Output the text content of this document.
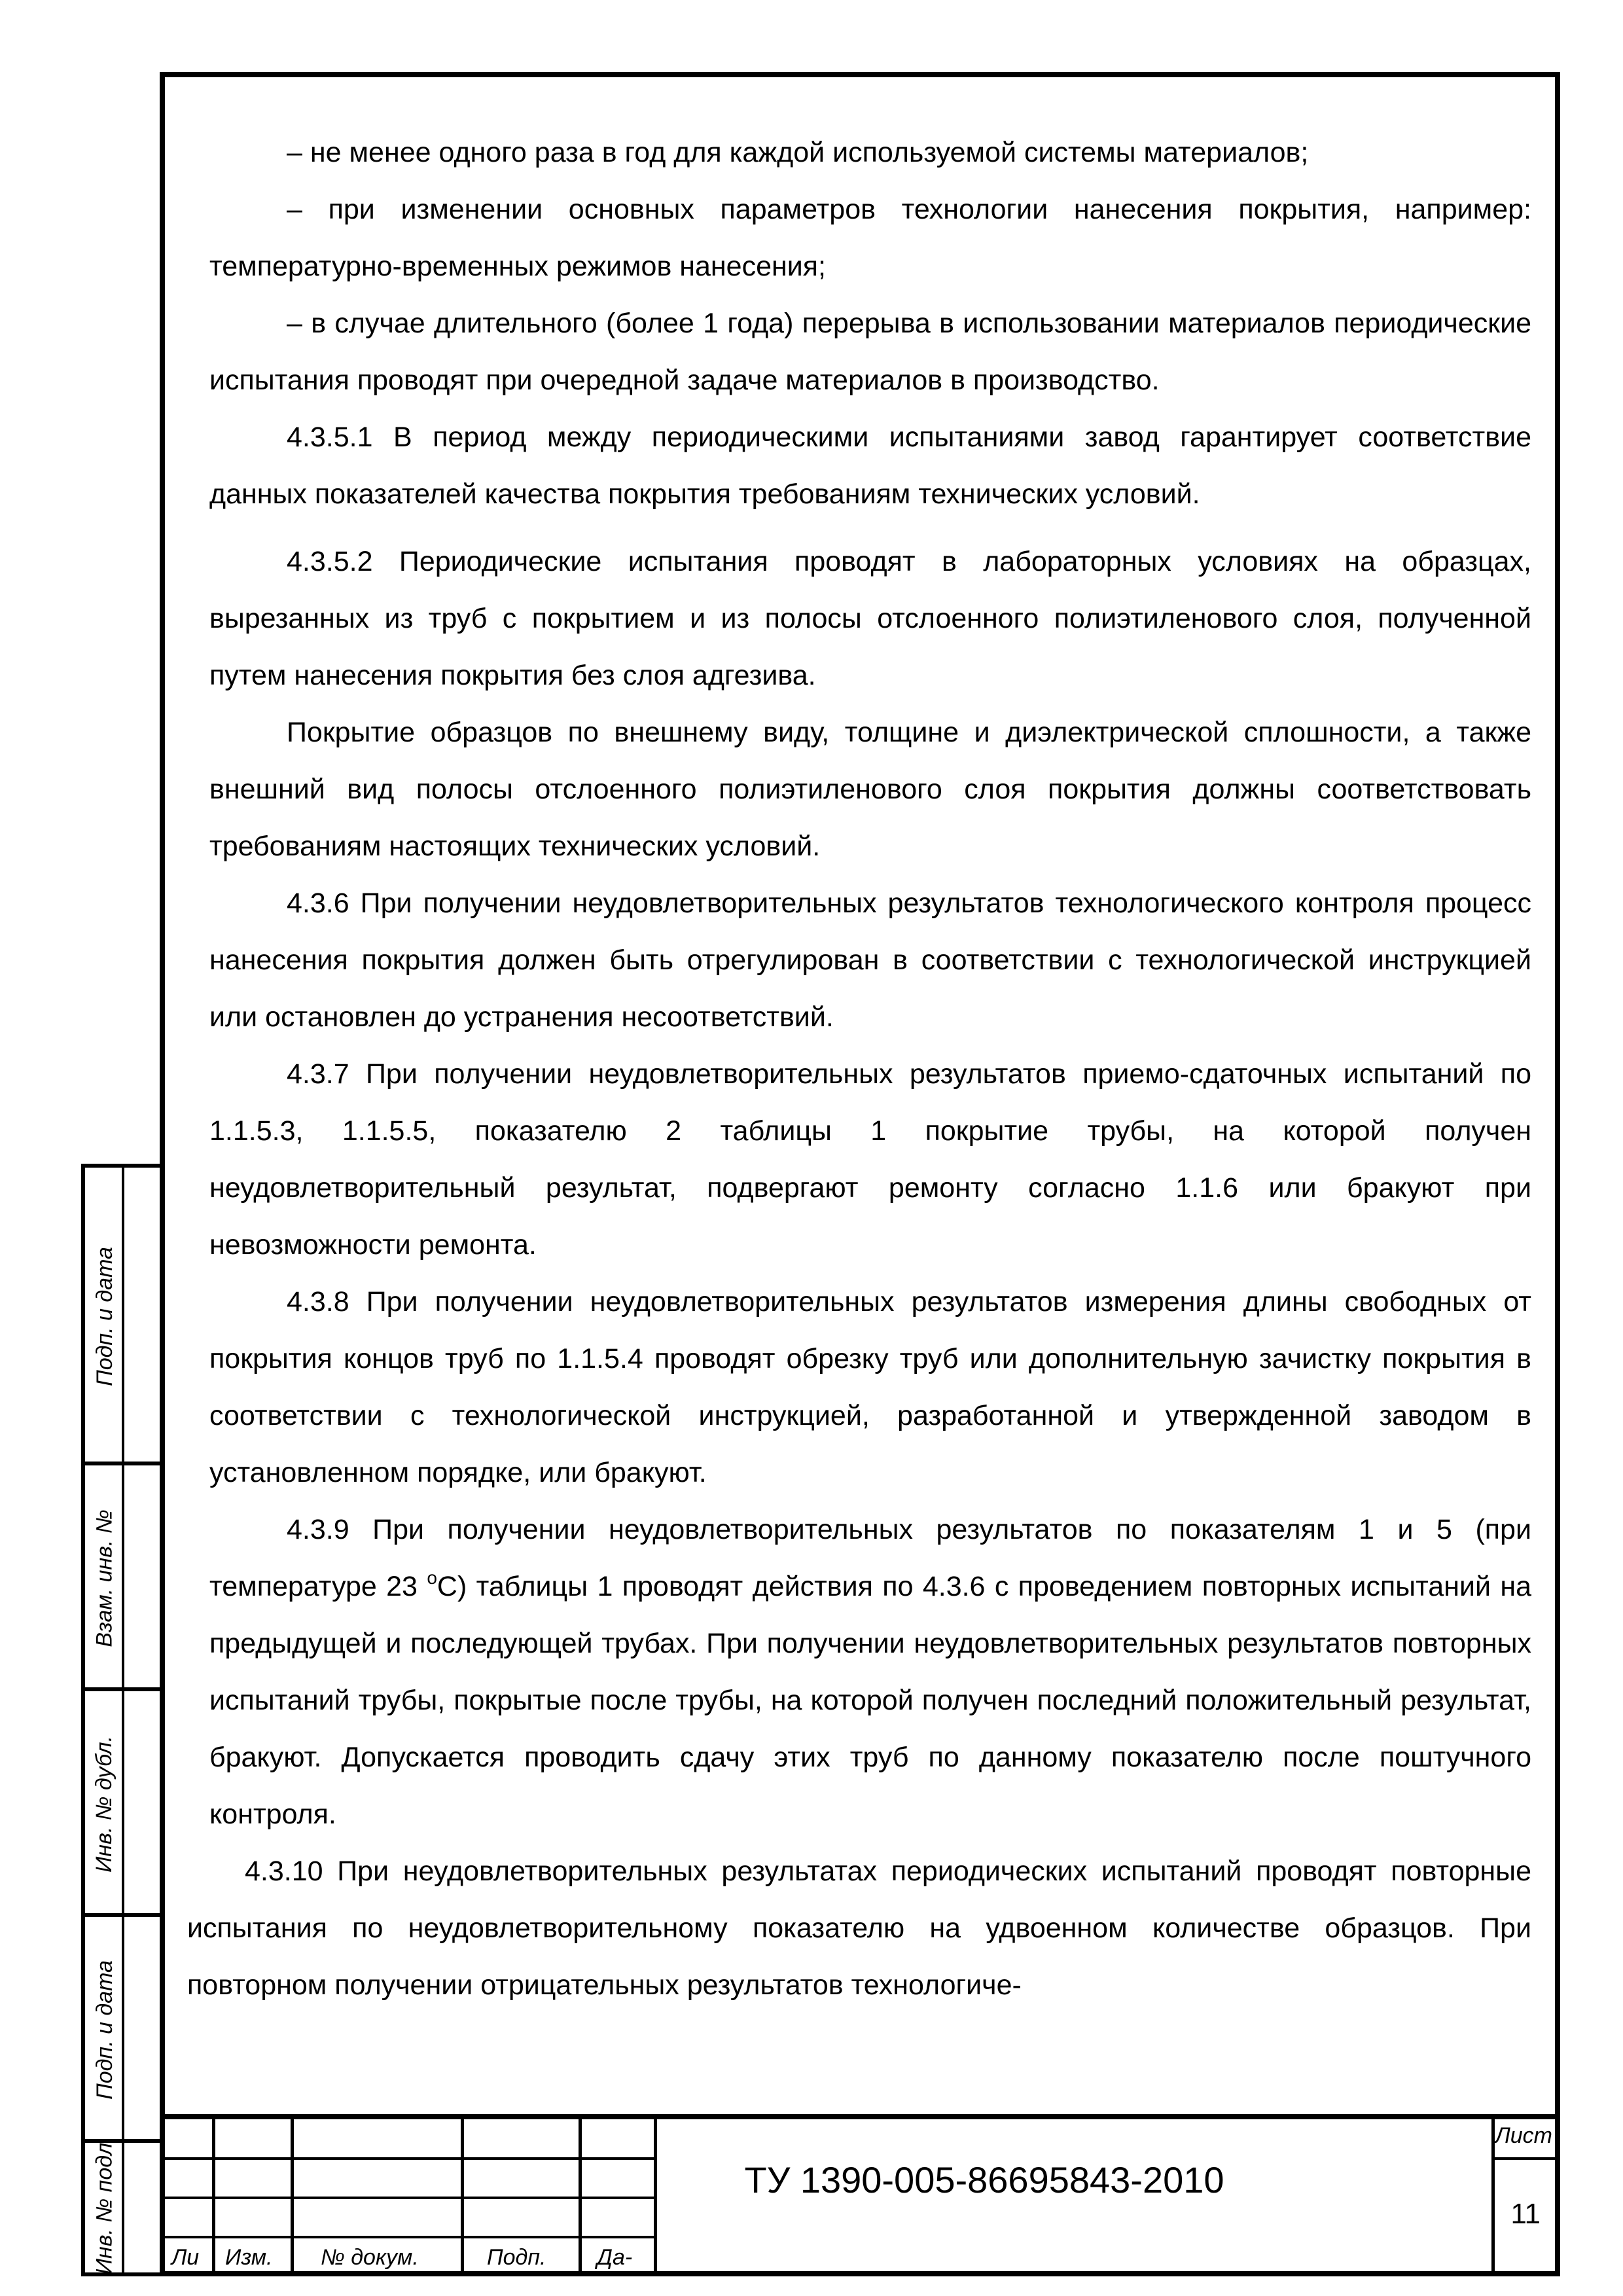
– не менее одного раза в год для каждой используемой системы материалов;

– при изменении основных параметров технологии нанесения покрытия, например: температурно-временных режимов нанесения;

– в случае длительного (более 1 года) перерыва в использовании материалов периодические испытания проводят при очередной задаче материалов в производство.

4.3.5.1 В период между периодическими испытаниями завод гарантирует соответствие данных показателей качества покрытия требованиям технических условий.

4.3.5.2 Периодические испытания проводят в лабораторных условиях на образцах, вырезанных из труб с покрытием и из полосы отслоенного полиэтиленового слоя, полученной путем нанесения покрытия без слоя адгезива.

Покрытие образцов по внешнему виду, толщине и диэлектрической сплошности, а также внешний вид полосы отслоенного полиэтиленового слоя покрытия должны соответствовать требованиям настоящих технических условий.

4.3.6 При получении неудовлетворительных результатов технологического контроля процесс нанесения покрытия должен быть отрегулирован в соответствии с технологической инструкцией или остановлен до устранения несоответствий.

4.3.7 При получении неудовлетворительных результатов приемо-сдаточных испытаний по 1.1.5.3, 1.1.5.5, показателю 2 таблицы 1 покрытие трубы, на которой получен неудовлетворительный результат, подвергают ремонту согласно 1.1.6 или бракуют при невозможности ремонта.

4.3.8 При получении неудовлетворительных результатов измерения длины свободных от покрытия концов труб по 1.1.5.4 проводят обрезку труб или дополнительную зачистку покрытия в соответствии с технологической инструкцией, разработанной и утвержденной заводом в установленном порядке, или бракуют.

4.3.9 При получении неудовлетворительных результатов по показателям 1 и 5 (при температуре 23 $^o$С) таблицы 1 проводят действия по 4.3.6 с проведением повторных испытаний на предыдущей и последующей трубах. При получении неудовлетворительных результатов повторных испытаний трубы, покрытые после трубы, на которой получен последний положительный результат, бракуют. Допускается проводить сдачу этих труб по данному показателю после поштучного контроля.

4.3.10 При неудовлетворительных результатах периодических испытаний проводят повторные испытания по неудовлетворительному показателю на удвоенном количестве образцов. При повторном получении отрицательных результатов технологиче-

Подп. и дата
Взам. инв. №
Инв. № дубл.
Подп. и дата
Инв. № подл Ли Изм. № докум.	Подп. Да-
ТУ 1390-005-86695843-2010
Лист
11
